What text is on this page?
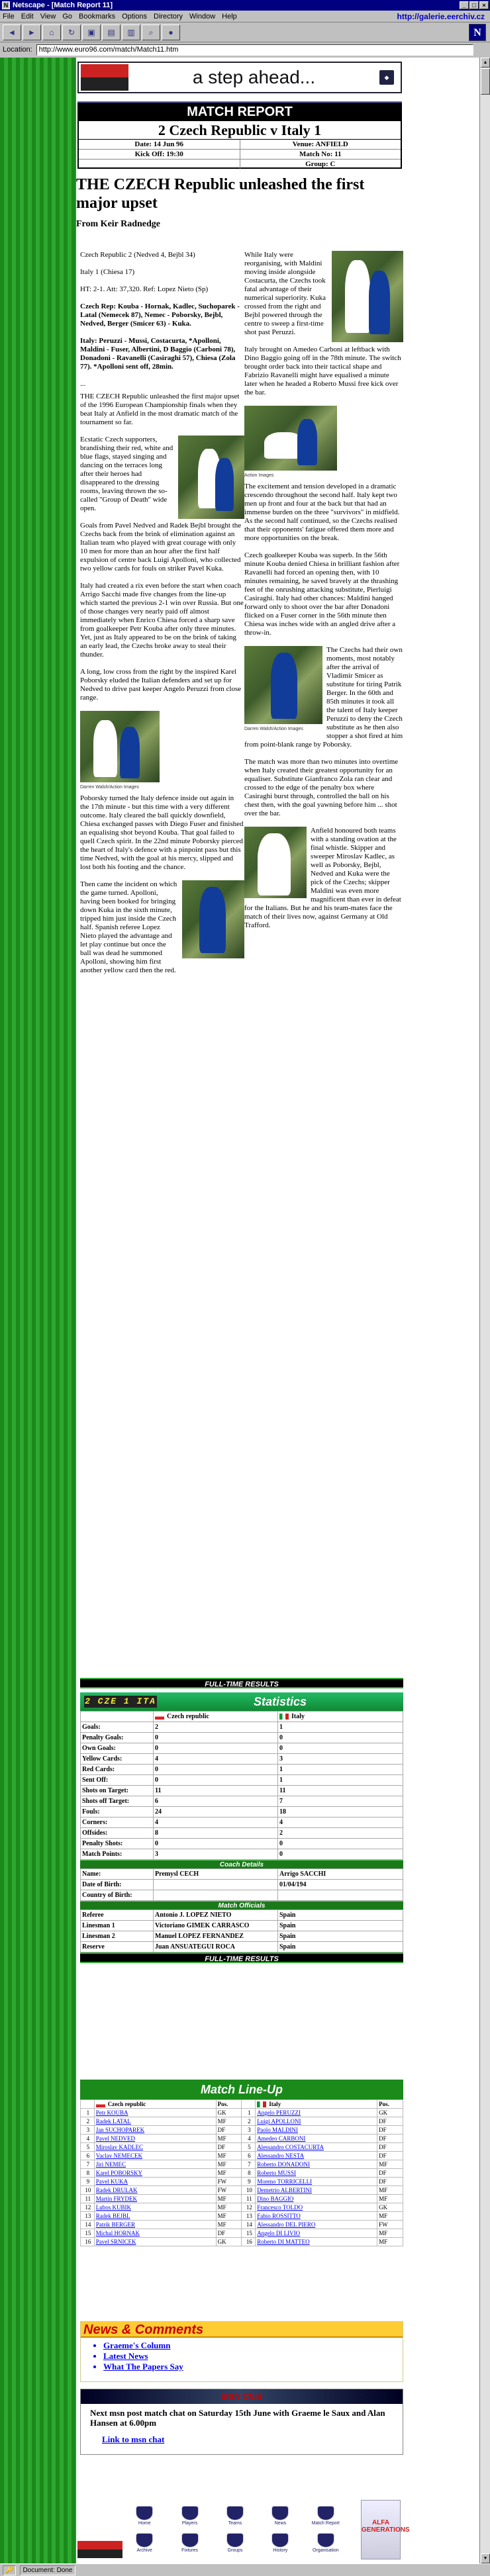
N Netscape - [Match Report 11]	_	□	×
File Edit View Go Bookmarks Options Directory Window Help	http://galerie.eerchiv.cz
◄	►	⌂	↻	▣	▤	▥	⌕	●	N
Location: http://www.euro96.com/match/Match11.htm
a step ahead...	◆
MATCH REPORT
2 Czech Republic v Italy 1
Date: 14 Jun 96	Venue: ANFIELD
Kick Off: 19:30	Match No: 11
Group: C
THE CZECH Republic unleashed the first major upset
From Keir Radnedge

Czech Republic 2 (Nedved 4, Bejbl 34)

Italy 1 (Chiesa 17)

HT: 2-1. Att: 37,320. Ref: Lopez Nieto (Sp)

Czech Rep: Kouba - Hornak, Kadlec, Suchoparek - Latal (Nemecek 87), Nemec - Poborsky, Bejbl, Nedved, Berger (Smicer 63) - Kuka.

Italy: Peruzzi - Mussi, Costacurta, *Apolloni, Maldini - Fuser, Albertini, D Baggio (Carboni 78), Donadoni - Ravanelli (Casiraghi 57), Chiesa (Zola 77). *Apolloni sent off, 28min.

...

THE CZECH Republic unleashed the first major upset of the 1996 European Championship finals when they beat Italy at Anfield in the most dramatic match of the tournament so far.

Ecstatic Czech supporters, brandishing their red, white and blue flags, stayed singing and dancing on the terraces long after their heroes had disappeared to the dressing rooms, leaving thrown the so-called "Group of Death" wide open.

Goals from Pavel Nedved and Radek Bejbl brought the Czechs back from the brink of elimination against an Italian team who played with great courage with only 10 men for more than an hour after the first half expulsion of centre back Luigi Apolloni, who collected two yellow cards for fouls on striker Pavel Kuka.

Italy had created a rix even before the start when coach Arrigo Sacchi made five changes from the line-up which started the previous 2-1 win over Russia. But one of those changes very nearly paid off almost immediately when Enrico Chiesa forced a sharp save from goalkeeper Petr Kouba after only three minutes. Yet, just as Italy appeared to be on the brink of taking an early lead, the Czechs broke away to steal their thunder.

A long, low cross from the right by the inspired Karel Poborsky eluded the Italian defenders and set up for Nedved to drive past keeper Angelo Peruzzi from close range.

Darren Walsh/Action Images

Poborsky turned the Italy defence inside out again in the 17th minute - but this time with a very different outcome. Italy cleared the ball quickly downfield, Chiesa exchanged passes with Diego Fuser and finished an equalising shot beyond Kouba. That goal failed to quell Czech spirit. In the 22nd minute Poborsky pierced the heart of Italy's defence with a pinpoint pass but this time Nedved, with the goal at his mercy, slipped and lost both his footing and the chance.

Then came the incident on which the game turned. Apolloni, having been booked for bringing down Kuka in the sixth minute, tripped him just inside the Czech half. Spanish referee Lopez Nieto played the advantage and let play continue but once the ball was dead he summoned Apolloni, showing him first another yellow card then the red.

While Italy were reorganising, with Maldini moving inside alongside Costacurta, the Czechs took fatal advantage of their numerical superiority. Kuka crossed from the right and Bejbl powered through the centre to sweep a first-time shot past Peruzzi.

Italy brought on Amedeo Carboni at leftback with Dino Baggio going off in the 78th minute. The switch brought order back into their tactical shape and Fabrizio Ravanelli might have equalised a minute later when he headed a Roberto Mussi free kick over the bar.

Action Images

The excitement and tension developed in a dramatic crescendo throughout the second half. Italy kept two men up front and four at the back but that had an immense burden on the three "survivors" in midfield. As the second half continued, so the Czechs realised that their opponents' fatigue offered them more and more opportunities on the break.

Czech goalkeeper Kouba was superb. In the 56th minute Kouba denied Chiesa in brilliant fashion after Ravanelli had forced an opening then, with 10 minutes remaining, he saved bravely at the thrashing feet of the onrushing attacking substitute, Pierluigi Casiraghi. Italy had other chances: Maldini hanged forward only to shoot over the bar after Donadoni flicked on a Fuser corner in the 56th minute then Chiesa was inches wide with an angled drive after a throw-in.

Darren Walsh/Action Images

The Czechs had their own moments, most notably after the arrival of Vladimir Smicer as substitute for tiring Patrik Berger. In the 60th and 85th minutes it took all the talent of Italy keeper Peruzzi to deny the Czech substitute as he then also stopper a shot fired at him from point-blank range by Poborsky.

The match was more than two minutes into overtime when Italy created their greatest opportunity for an equaliser. Substitute Gianfranco Zola ran clear and crossed to the edge of the penalty box where Casiraghi burst through, controlled the ball on his chest then, with the goal yawning before him ... shot over the bar.

Anfield honoured both teams with a standing ovation at the final whistle. Skipper and sweeper Miroslav Kadlec, as well as Poborsky, Bejbl, Nedved and Kuka were the pick of the Czechs; skipper Maldini was even more magnificent than ever in defeat for the Italians. But he and his team-mates face the match of their lives now, against Germany at Old Trafford.

FULL-TIME RESULTS
2 CZE 1 ITA	Statistics
	Czech republic	Italy
Goals:	2	1
Penalty Goals:	0	0
Own Goals:	0	0
Yellow Cards:	4	3
Red Cards:	0	1
Sent Off:	0	1
Shots on Target:	11	11
Shots off Target:	6	7
Fouls:	24	18
Corners:	4	4
Offsides:	8	2
Penalty Shots:	0	0
Match Points:	3	0
Coach Details
Name:	Premysl CECH	Arrigo SACCHI
Date of Birth:		01/04/194
Country of Birth:		
Match Officials
Referee	Antonio J. LOPEZ NIETO	Spain
Linesman 1	Victoriano GIMEK CARRASCO	Spain
Linesman 2	Manuel LOPEZ FERNANDEZ	Spain
Reserve	Juan ANSUATEGUI ROCA	Spain
FULL-TIME RESULTS
Match Line-Up
	Czech republic	Pos.		Italy	Pos.
1	Petr KOUBA	GK	1	Angelo PERUZZI	GK
2	Radek LATAL	MF	2	Luigi APOLLONI	DF
3	Jan SUCHOPAREK	DF	3	Paolo MALDINI	DF
4	Pavel NEDVED	MF	4	Amedeo CARBONI	DF
5	Miroslav KADLEC	DF	5	Alessandro COSTACURTA	DF
6	Vaclav NEMECEK	MF	6	Alessandro NESTA	DF
7	Jiri NEMEC	MF	7	Roberto DONADONI	MF
8	Karel POBORSKY	MF	8	Roberto MUSSI	DF
9	Pavel KUKA	FW	9	Moreno TORRICELLI	DF
10	Radek DRULAK	FW	10	Demetrio ALBERTINI	MF
11	Martin FRYDEK	MF	11	Dino BAGGIO	MF
12	Lubos KUBIK	MF	12	Francesco TOLDO	GK
13	Radek BEJBL	MF	13	Fabio ROSSITTO	MF
14	Patrik BERGER	MF	14	Alessandro DEL PIERO	FW
15	Michal HORNAK	DF	15	Angelo DI LIVIO	MF
16	Pavel SRNICEK	GK	16	Roberto DI MATTEO	MF
News & Comments
• Graeme's Column
• Latest News
• What The Papers Say
MSN Chat
Next msn post match chat on Saturday 15th June with Graeme le Saux and Alan Hansen at 6.00pm
Link to msn chat
Home	Players	Teams	News	Match Report
Archive	Fixtures	Groups	History	Organisation
ALFA GENERATIONS
▲
▼
🔑	Document: Done
